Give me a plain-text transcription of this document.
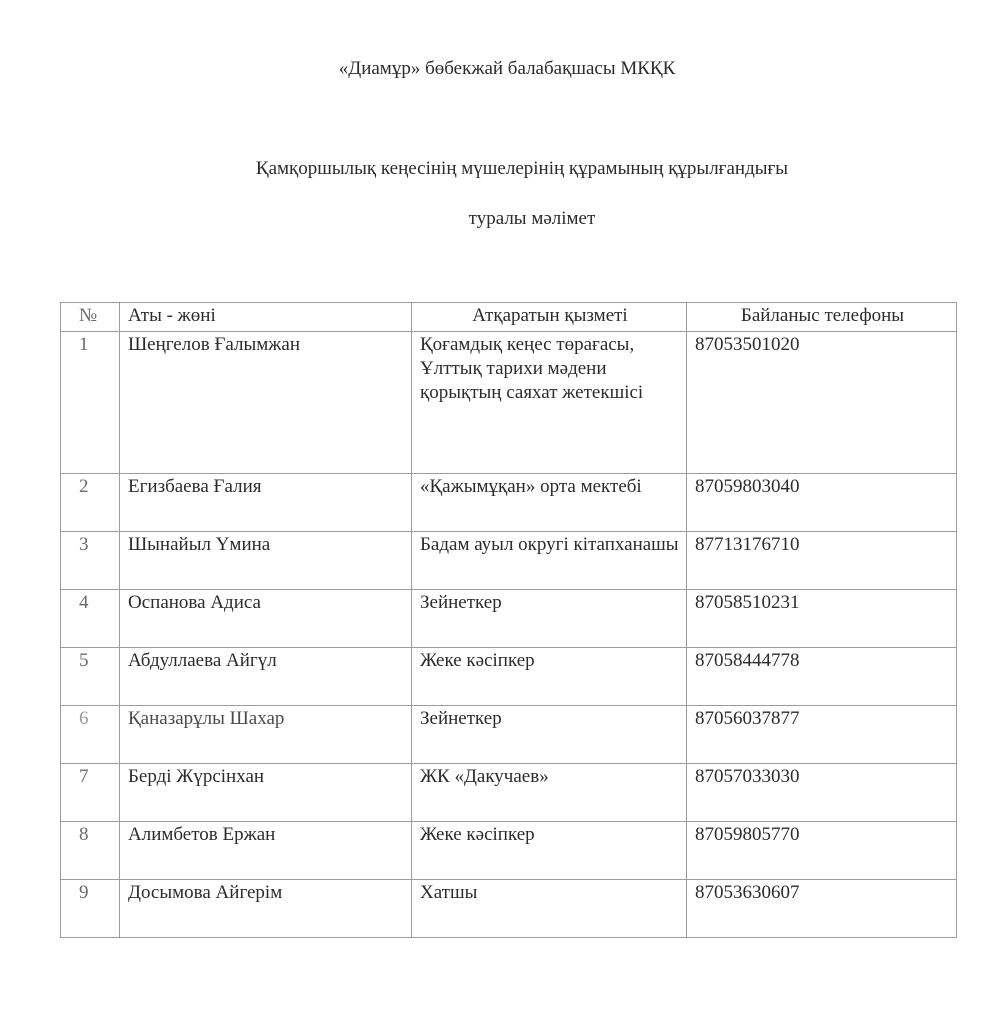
«Диамұр» бөбекжай балабақшасы МКҚК
Қамқоршылық кеңесінің мүшелерінің құрамының құрылғандығы
туралы мәлімет
№	Аты - жөні	Атқаратын қызметі	Байланыс телефоны
1	Шеңгелов Ғалымжан	Қоғамдық кеңес төрағасы, Ұлттық тарихи мәдени қорықтың саяхат жетекшісі	87053501020
2	Егизбаева Ғалия	«Қажымұқан» орта мектебі	87059803040
3	Шынайыл Үмина	Бадам ауыл округі кітапханашы	87713176710
4	Оспанова Адиса	Зейнеткер	87058510231
5	Абдуллаева Айгүл	Жеке кәсіпкер	87058444778
6	Қаназарұлы Шахар	Зейнеткер	87056037877
7	Берді Жүрсінхан	ЖК «Дакучаев»	87057033030
8	Алимбетов Ержан	Жеке кәсіпкер	87059805770
9	Досымова Айгерім	Хатшы	87053630607
